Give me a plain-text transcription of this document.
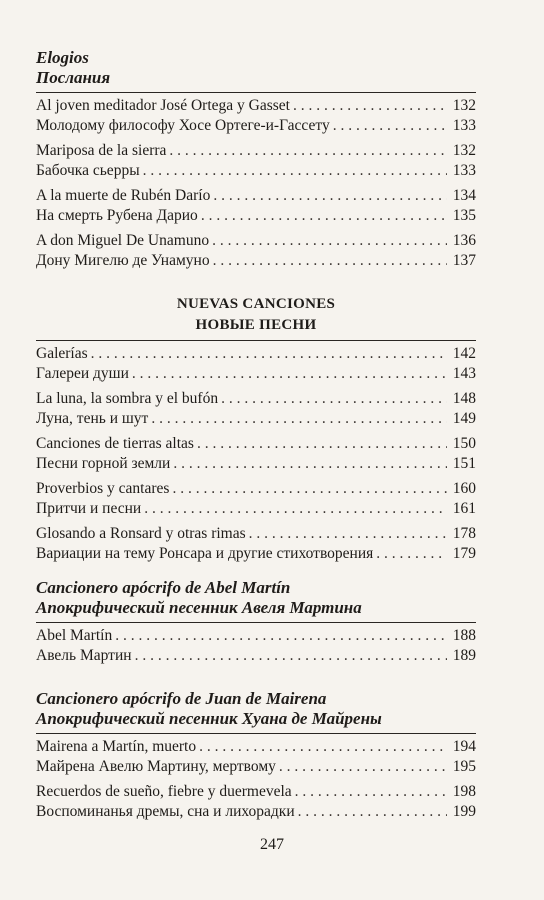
Elogios

Послания

Al joven meditador José Ortega y Gasset . . .	132
Молодому философу Хосе Ортеге-и-Гассету . . .	133
Mariposa de la sierra . . .	132
Бабочка сьерры . . .	133
A la muerte de Rubén Darío . . .	134
На смерть Рубена Дарио . . .	135
A don Miguel De Unamuno . . .	136
Дону Мигелю де Унамуно . . .	137

NUEVAS CANCIONES

НОВЫЕ ПЕСНИ

Galerías . . .	142
Галереи души . . .	143
La luna, la sombra y el bufón . . .	148
Луна, тень и шут . . .	149
Canciones de tierras altas . . .	150
Песни горной земли . . .	151
Proverbios y cantares . . .	160
Притчи и песни . . .	161
Glosando a Ronsard y otras rimas . . .	178
Вариации на тему Ронсара и другие стихотворения . . .	179

Cancionero apócrifo de Abel Martín

Апокрифический песенник Авеля Мартина

Abel Martín . . .	188
Авель Мартин . . .	189

Cancionero apócrifo de Juan de Mairena

Апокрифический песенник Хуана де Майрены

Mairena a Martín, muerto . . .	194
Майрена Авелю Мартину, мертвому . . .	195
Recuerdos de sueño, fiebre y duermevela . . .	198
Воспоминанья дремы, сна и лихорадки . . .	199
247
